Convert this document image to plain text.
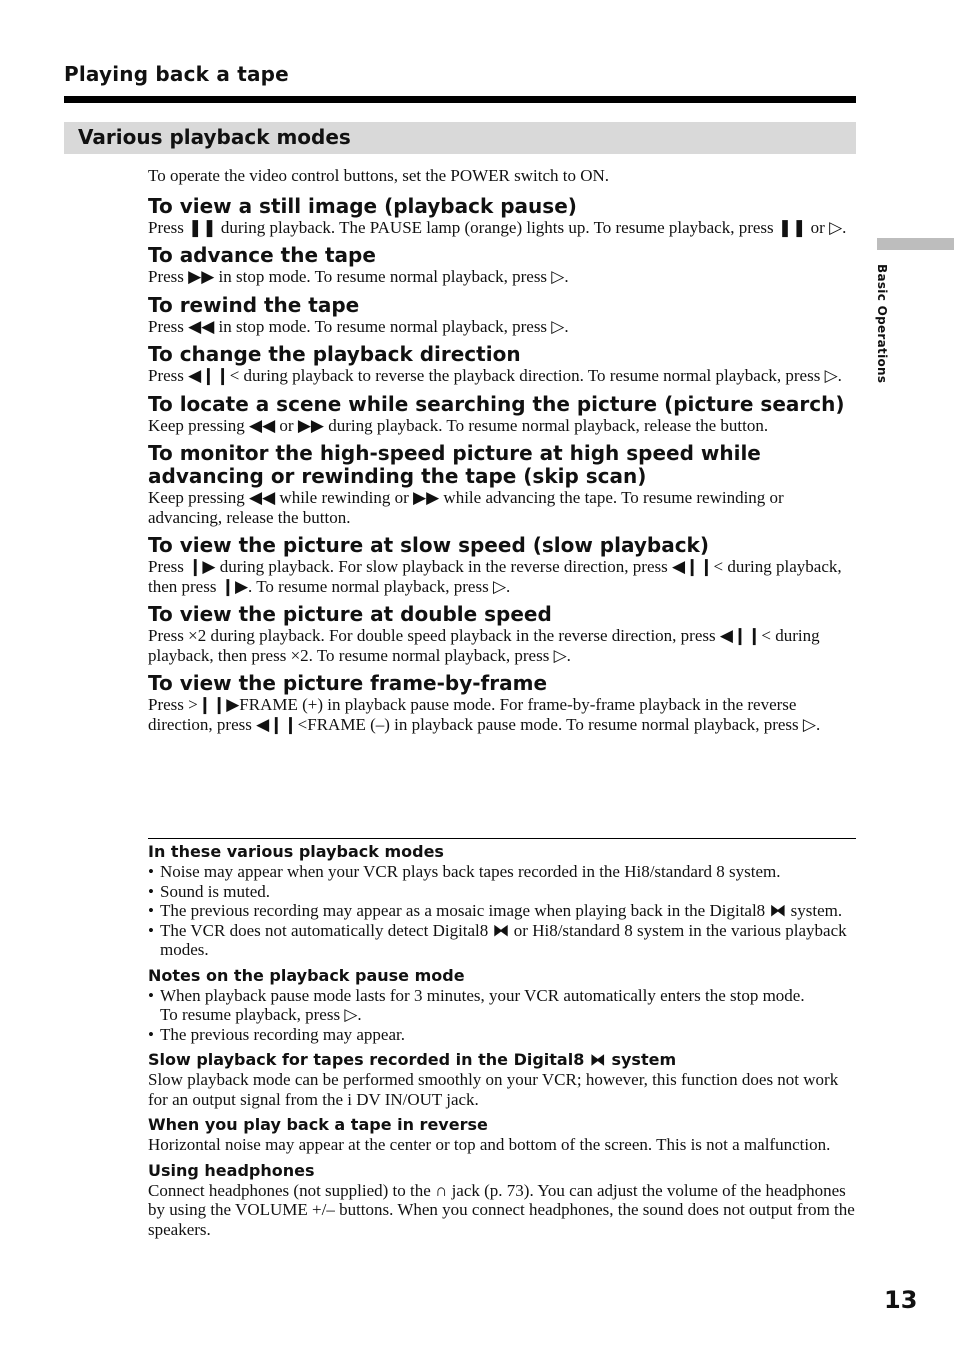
Playing back a tape
Various playback modes
Basic Operations

To operate the video control buttons, set the POWER switch to ON.

To view a still image (playback pause)

Press ❚❚ during playback. The PAUSE lamp (orange) lights up. To resume playback, press ❚❚ or ▷.

To advance the tape

Press ▶▶ in stop mode. To resume normal playback, press ▷.

To rewind the tape

Press ◀◀ in stop mode. To resume normal playback, press ▷.

To change the playback direction

Press ◀❙❙< during playback to reverse the playback direction. To resume normal playback, press ▷.

To locate a scene while searching the picture (picture search)

Keep pressing ◀◀ or ▶▶ during playback. To resume normal playback, release the button.

To monitor the high-speed picture at high speed while advancing or rewinding the tape (skip scan)

Keep pressing ◀◀ while rewinding or ▶▶ while advancing the tape. To resume rewinding or advancing, release the button.

To view the picture at slow speed (slow playback)

Press ❙▶ during playback. For slow playback in the reverse direction, press ◀❙❙< during playback, then press ❙▶. To resume normal playback, press ▷.

To view the picture at double speed

Press ×2 during playback. For double speed playback in the reverse direction, press ◀❙❙< during playback, then press ×2. To resume normal playback, press ▷.

To view the picture frame-by-frame

Press >❙❙▶FRAME (+) in playback pause mode. For frame-by-frame playback in the reverse direction, press ◀❙❙<FRAME (–) in playback pause mode. To resume normal playback, press ▷.

In these various playback modes

• Noise may appear when your VCR plays back tapes recorded in the Hi8/standard 8 system.
• Sound is muted.
• The previous recording may appear as a mosaic image when playing back in the Digital8 ⧓ system.
• The VCR does not automatically detect Digital8 ⧓ or Hi8/standard 8 system in the various playback modes.

Notes on the playback pause mode

• When playback pause mode lasts for 3 minutes, your VCR automatically enters the stop mode.
To resume playback, press ▷.
• The previous recording may appear.

Slow playback for tapes recorded in the Digital8 ⧓ system

Slow playback mode can be performed smoothly on your VCR; however, this function does not work for an output signal from the i DV IN/OUT jack.

When you play back a tape in reverse

Horizontal noise may appear at the center or top and bottom of the screen. This is not a malfunction.

Using headphones

Connect headphones (not supplied) to the ∩ jack (p. 73). You can adjust the volume of the headphones by using the VOLUME +/– buttons. When you connect headphones, the sound does not output from the speakers.

13
